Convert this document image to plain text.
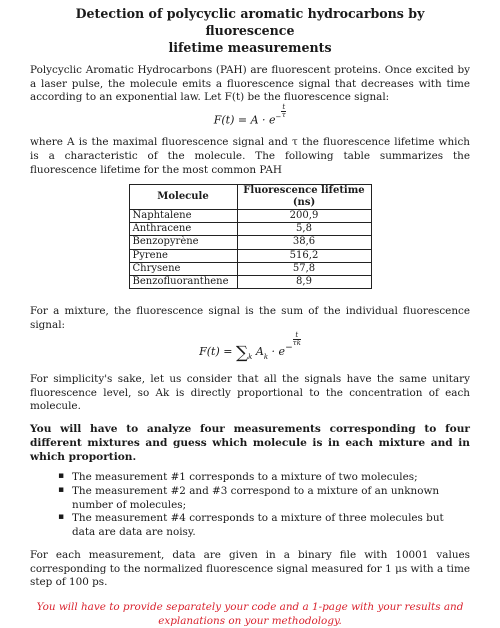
Detection of polycyclic aromatic hydrocarbons by fluorescence
lifetime measurements

Polycyclic Aromatic Hydrocarbons (PAH) are fluorescent proteins. Once excited by a laser pulse, the molecule emits a fluorescence signal that decreases with time according to an exponential law. Let F(t) be the fluorescence signal:

$F(t) = A \cdot e^{- \frac{t}{\tau}}$

where A is the maximal fluorescence signal and τ the fluorescence lifetime which is a characteristic of the molecule. The following table summarizes the fluorescence lifetime for the most common PAH

Molecule	Fluorescence lifetime (ns)
Naphtalene	200,9
Anthracene	5,8
Benzopyrène	38,6
Pyrene	516,2
Chrysene	57,8
Benzofluoranthene	8,9

For a mixture, the fluorescence signal is the sum of the individual fluorescence signal:

$F(t) = \sum_k$ $A_k \cdot e^{- \frac{t}{\tau k}}$

For simplicity's sake, let us consider that all the signals have the same unitary fluorescence level, so Ak is directly proportional to the concentration of each molecule.

You will have to analyze four measurements corresponding to four different mixtures and guess which molecule is in each mixture and in which proportion.

▪ The measurement #1 corresponds to a mixture of two molecules;
▪ The measurement #2 and #3 correspond to a mixture of an unknown number of molecules;
▪ The measurement #4 corresponds to a mixture of three molecules but data are data are noisy.

For each measurement, data are given in a binary file with 10001 values corresponding to the normalized fluorescence signal measured for 1 μs with a time step of 100 ps.

You will have to provide separately your code and a 1-page with your results and explanations on your methodology.
